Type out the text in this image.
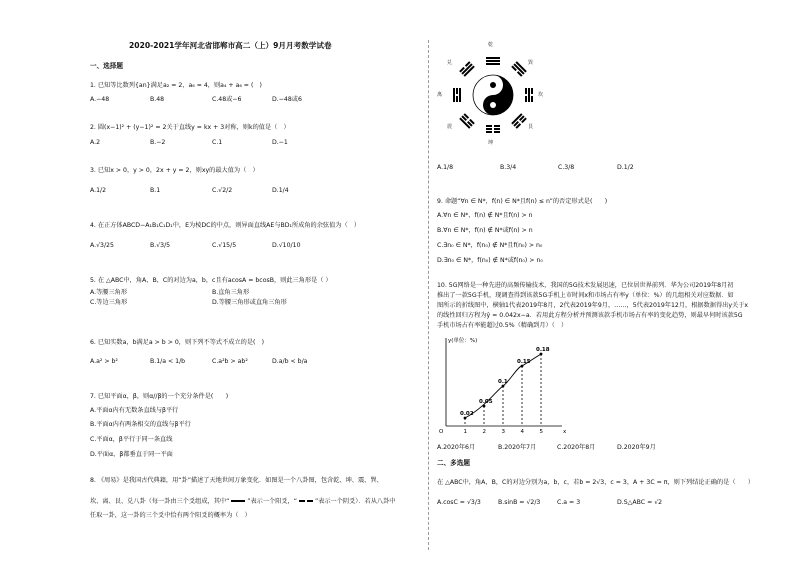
2020-2021学年河北省邯郸市高二（上）9月月考数学试卷
一、选择题
1. 已知等比数列{an}满足a₂ = 2，a₆ = 4，则a₄ + a₆ = (　)
A.−48	B.48	C.48或−6	D.−48或6
2. 圆(x−1)² + (y−1)² = 2关于直线y = kx + 3对称，则k的值是（　）
A.2	B.−2	C.1	D.−1
3. 已知x > 0，y > 0，2x + y = 2，则xy的最大值为（　）
A.1/2	B.1	C.√2/2	D.1/4
4. 在正方体ABCD−A₁B₁C₁D₁中，E为棱DC的中点，则异面直线AE与BD₁所成角的余弦值为（　）
A.√3/25	B.√3/5	C.√15/5	D.√10/10
5. 在 △ABC中，角A，B，C的对边为a，b，c且有acosA = bcosB，则此三角形是（ ）
A.等腰三角形	B.直角三角形
C.等边三角形	D.等腰三角形或直角三角形
6. 已知实数a，b满足a > b > 0，则下列不等式不成立的是(　)
A.a² > b²	B.1/a < 1/b	C.a²b > ab²	D.a/b < b/a
7. 已知平面α，β，则α//β的一个充分条件是(　　)
A.平面α内有无数条直线与β平行
B.平面α内有两条相交的直线与β平行
C.平面α，β平行于同一条直线
D.平面α，β都垂直于同一平面
8. 《周易》是我国古代典籍，用“卦”描述了天地世间万象变化．如图是一个八卦图，包含乾、坤、震、巽、
坎、离、艮、兑八卦（每一卦由三个爻组成，其中“	”表示一个阳爻，“	”表示一个阴爻）．若从八卦中
任取一卦，这一卦的三个爻中恰有两个阳爻的概率为（　）
乾
巽
坎
艮
坤
震
离
兑
A.1/8	B.3/4	C.3/8	D.1/2
9. 命题“∀n ∈ N*，f(n) ∈ N*且f(n) ≤ n”的否定形式是(　　)
A.∀n ∈ N*，f(n) ∉ N*且f(n) > n
B.∀n ∈ N*，f(n) ∉ N*或f(n) > n
C.∃n₀ ∈ N*，f(n₀) ∉ N*且f(n₀) > n₀
D.∃n₀ ∈ N*，f(n₀) ∉ N*或f(n₀) > n₀
10. 5G网络是一种先进的高频传输技术，我国的5G技术发展迅速，已位居世界前列．华为公司2019年8月初
推出了一款5G手机，现调查得到该款5G手机上市时间x和市场占有率y（单位：%）的几组相关对应数据．如
图所示的折线图中，横轴1代表2019年8月，2代表2019年9月，……，5代表2019年12月，根据数据得出y关于x
的线性回归方程为ŷ = 0.042x−a．若用此方程分析并预测该款手机市场占有率的变化趋势，则最早何时该款5G
手机市场占有率能超过0.5%（精确到月）（　）
y(单位：%)
O	x
0.02
1
0.05
2
0.1
3
0.15
4
0.18
5
A.2020年6月	B.2020年7月	C.2020年8月	D.2020年9月
二、多选题
在 △ABC中，角A，B，C的对边分别为a，b，c，若b = 2√3，c = 3，A + 3C = π，则下列结论正确的是（　　）
A.cosC = √3/3	B.sinB = √2/3	C.a = 3	D.S△ABC = √2
